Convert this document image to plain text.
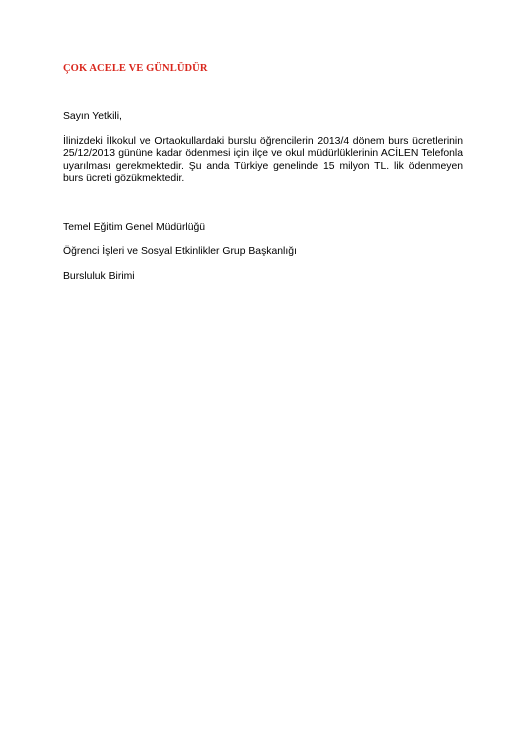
ÇOK ACELE VE GÜNLÜDÜR
Sayın Yetkili,
İlinizdeki İlkokul ve Ortaokullardaki burslu öğrencilerin 2013/4 dönem burs ücretlerinin 25/12/2013 gününe kadar ödenmesi için ilçe ve okul müdürlüklerinin ACİLEN Telefonla uyarılması gerekmektedir. Şu anda Türkiye genelinde 15 milyon TL. lik ödenmeyen burs ücreti gözükmektedir.
Temel Eğitim Genel Müdürlüğü
Öğrenci İşleri ve Sosyal Etkinlikler Grup Başkanlığı
Bursluluk Birimi
